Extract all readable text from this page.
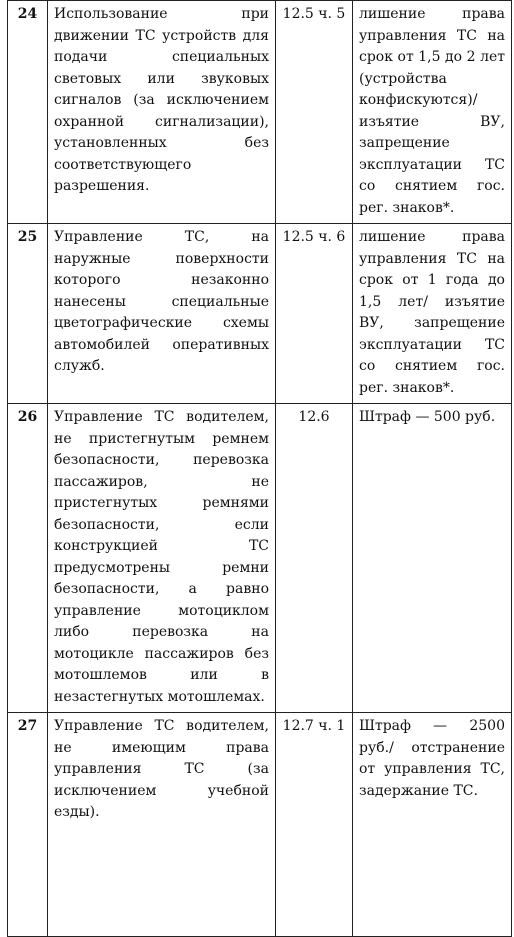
24	Использование при движении ТС устройств для подачи специальных световых или звуковых сигналов (за исключением охранной сигнализации), установленных без соответствующего разрешения.	12.5 ч. 5	лишение права управления ТС на срок от 1,5 до 2 лет (устройства конфискуются)/ изъятие ВУ, запрещение эксплуатации ТС со снятием гос. рег. знаков*.
25	Управление ТС, на наружные поверхности которого незаконно нанесены специальные цветографические схемы автомобилей оперативных служб.	12.5 ч. 6	лишение права управления ТС на срок от 1 года до 1,5 лет/ изъятие ВУ, запрещение эксплуатации ТС со снятием гос. рег. знаков*.
26	Управление ТС водителем, не пристегнутым ремнем безопасности, перевозка пассажиров, не пристегнутых ремнями безопасности, если конструкцией ТС предусмотрены ремни безопасности, а равно управление мотоциклом либо перевозка на мотоцикле пассажиров без мотошлемов или в незастегнутых мотошлемах.	12.6	Штраф — 500 руб.
27	Управление ТС водителем, не имеющим права управления ТС (за исключением учебной езды).	12.7 ч. 1	Штраф — 2500 руб./ отстранение от управления ТС, задержание ТС.
